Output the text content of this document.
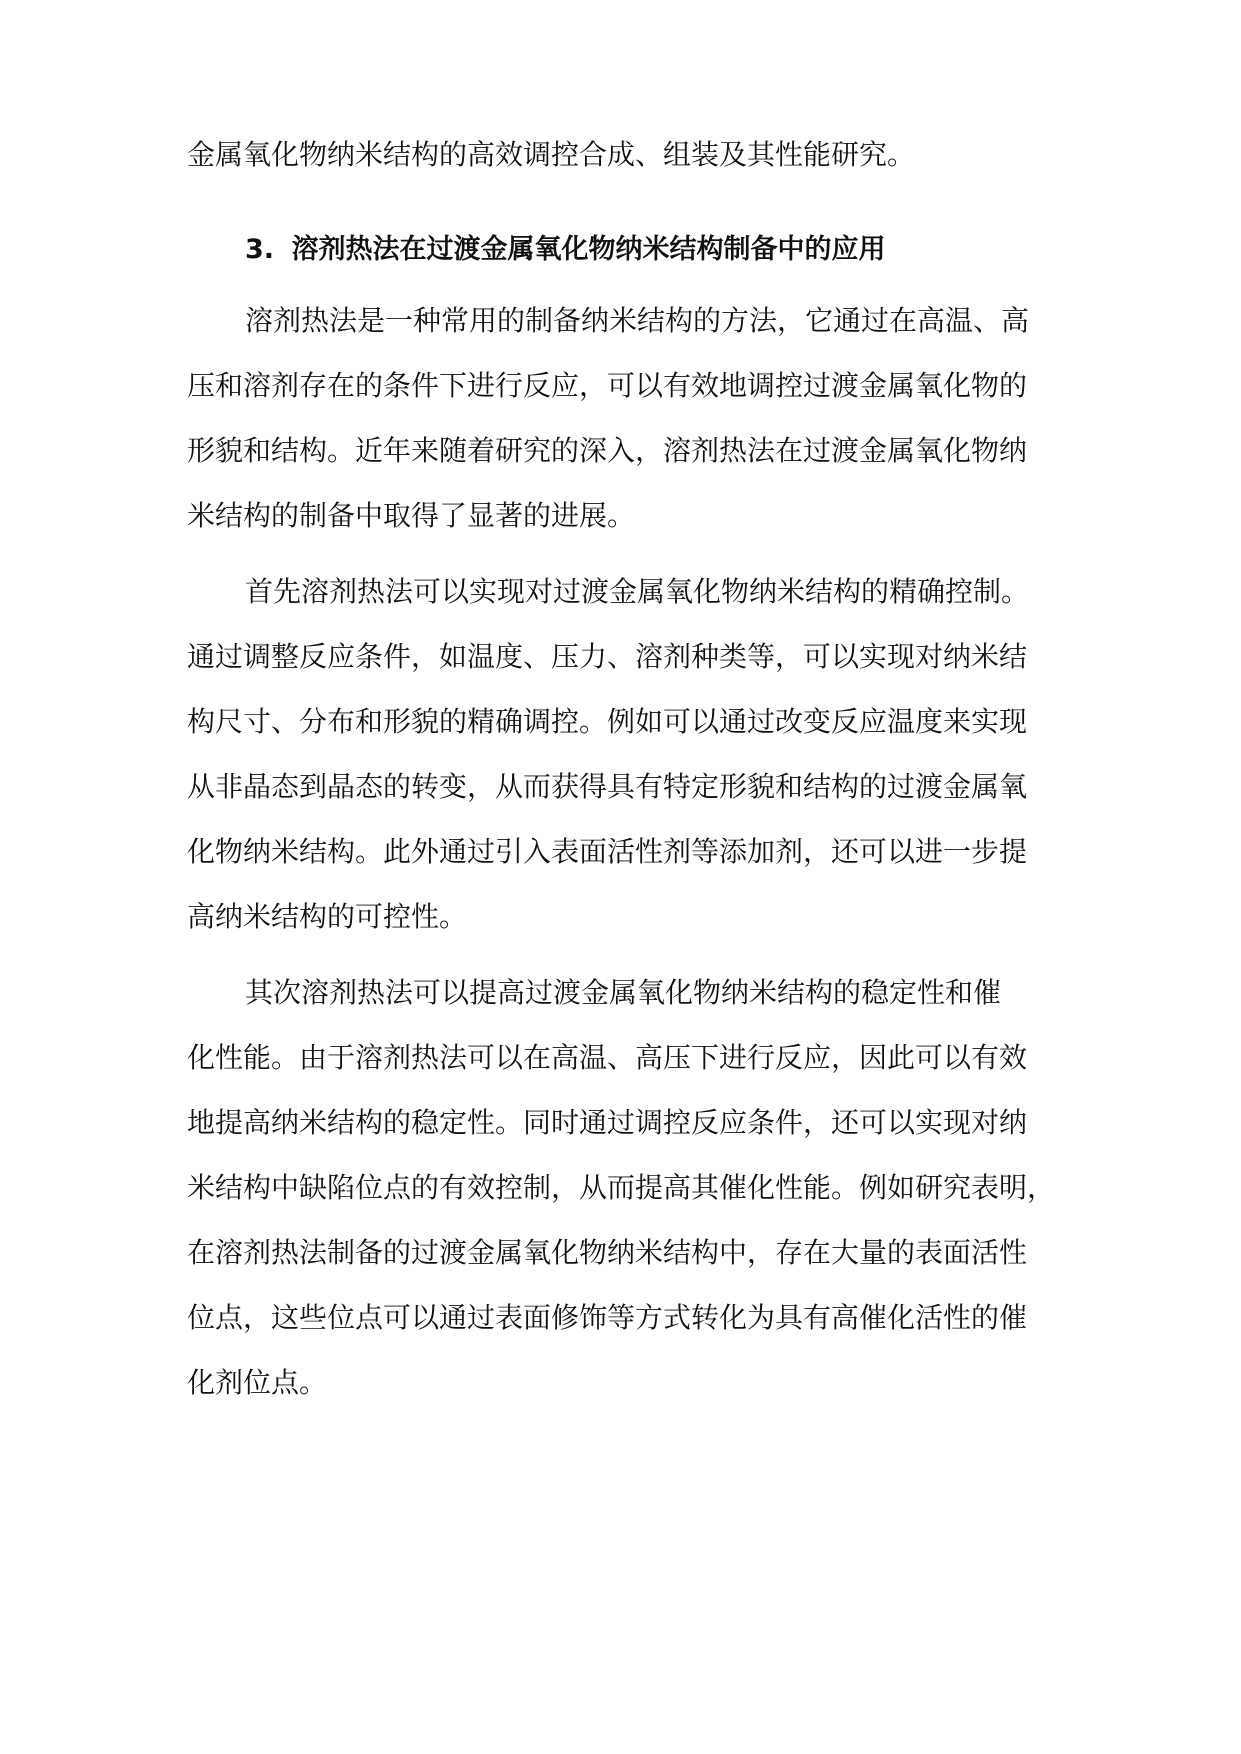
金属氧化物纳米结构的高效调控合成、组装及其性能研究。
3. 溶剂热法在过渡金属氧化物纳米结构制备中的应用
溶剂热法是一种常用的制备纳米结构的方法，它通过在高温、高
压和溶剂存在的条件下进行反应，可以有效地调控过渡金属氧化物的
形貌和结构。近年来随着研究的深入，溶剂热法在过渡金属氧化物纳
米结构的制备中取得了显著的进展。
首先溶剂热法可以实现对过渡金属氧化物纳米结构的精确控制。
通过调整反应条件，如温度、压力、溶剂种类等，可以实现对纳米结
构尺寸、分布和形貌的精确调控。例如可以通过改变反应温度来实现
从非晶态到晶态的转变，从而获得具有特定形貌和结构的过渡金属氧
化物纳米结构。此外通过引入表面活性剂等添加剂，还可以进一步提
高纳米结构的可控性。
其次溶剂热法可以提高过渡金属氧化物纳米结构的稳定性和催
化性能。由于溶剂热法可以在高温、高压下进行反应，因此可以有效
地提高纳米结构的稳定性。同时通过调控反应条件，还可以实现对纳
米结构中缺陷位点的有效控制，从而提高其催化性能。例如研究表明，
在溶剂热法制备的过渡金属氧化物纳米结构中，存在大量的表面活性
位点，这些位点可以通过表面修饰等方式转化为具有高催化活性的催
化剂位点。
